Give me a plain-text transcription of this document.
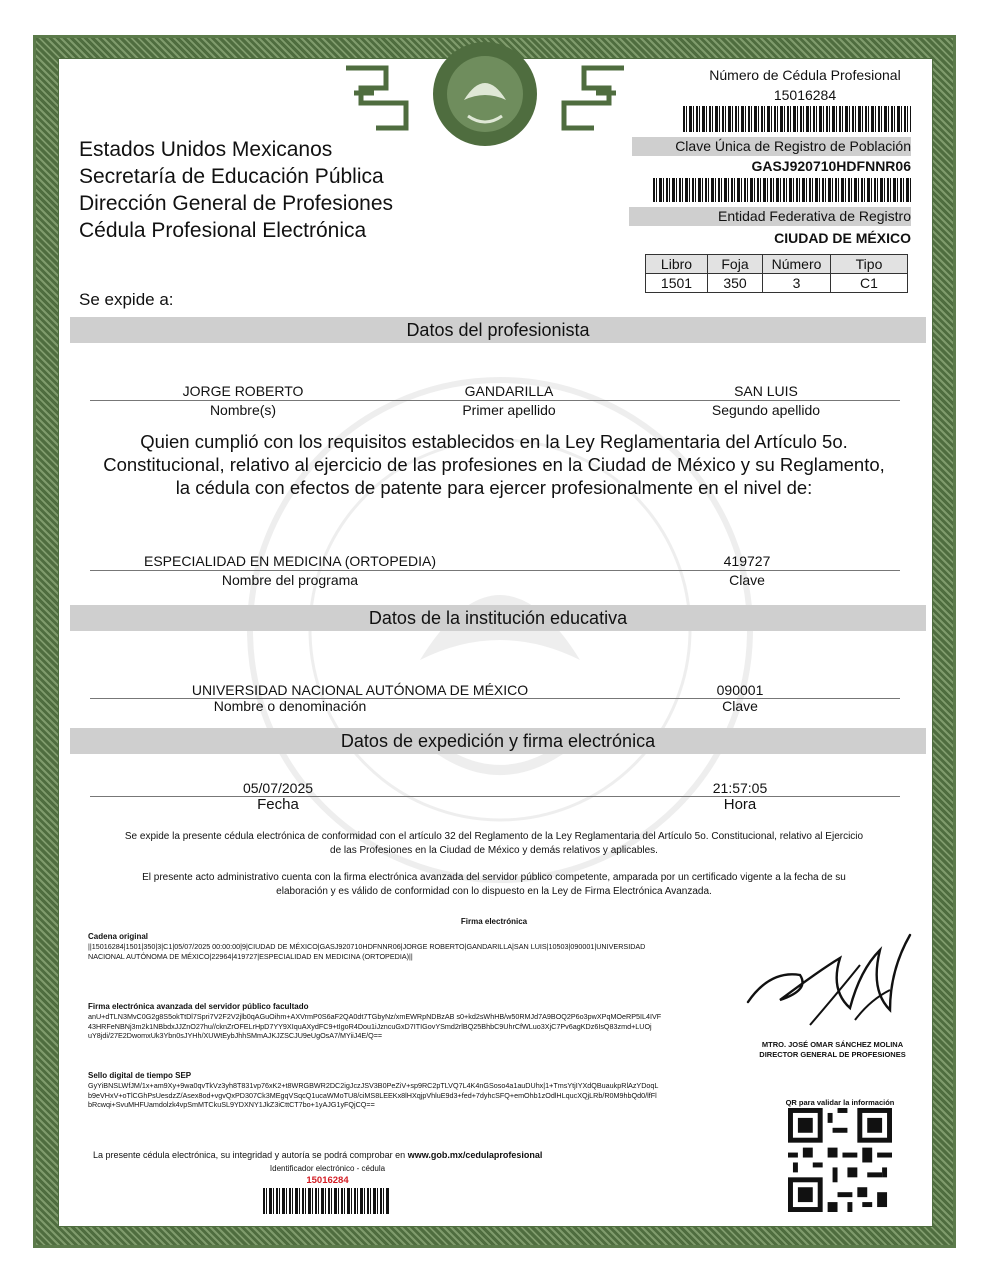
Estados Unidos Mexicanos
Secretaría de Educación Pública
Dirección General de Profesiones
Cédula Profesional Electrónica
Número de Cédula Profesional
15016284
Clave Única de Registro de Población
GASJ920710HDFNNR06
Entidad Federativa de Registro
CIUDAD DE MÉXICO
Libro	Foja	Número	Tipo
1501	350	3	C1
Se expide a:
Datos del profesionista
JORGE ROBERTO	GANDARILLA	SAN LUIS
Nombre(s)	Primer apellido	Segundo apellido
Quien cumplió con los requisitos establecidos en la Ley Reglamentaria del Artículo 5o.
Constitucional, relativo al ejercicio de las profesiones en la Ciudad de México y su Reglamento,
la cédula con efectos de patente para ejercer profesionalmente en el nivel de:
ESPECIALIDAD EN MEDICINA (ORTOPEDIA)	419727
Nombre del programa	Clave
Datos de la institución educativa
UNIVERSIDAD NACIONAL AUTÓNOMA DE MÉXICO	090001
Nombre o denominación	Clave
Datos de expedición y firma electrónica
05/07/2025	21:57:05
Fecha	Hora
Se expide la presente cédula electrónica de conformidad con el artículo 32 del Reglamento de la Ley Reglamentaria del Artículo 5o. Constitucional, relativo al Ejercicio
de las Profesiones en la Ciudad de México y demás relativos y aplicables.
El presente acto administrativo cuenta con la firma electrónica avanzada del servidor público competente, amparada por un certificado vigente a la fecha de su
elaboración y es válido de conformidad con lo dispuesto en la Ley de Firma Electrónica Avanzada.
Firma electrónica
Cadena original
||15016284|1501|350|3|C1|05/07/2025 00:00:00|9|CIUDAD DE MÉXICO|GASJ920710HDFNNR06|JORGE ROBERTO|GANDARILLA|SAN LUIS|10503|090001|UNIVERSIDAD
NACIONAL AUTÓNOMA DE MÉXICO|22964|419727|ESPECIALIDAD EN MEDICINA (ORTOPEDIA)||
Firma electrónica avanzada del servidor público facultado
anU+dTLN3MvC0G2g8S5okTtDl7Spri7V2F2V2jlb0qAGuOihm+AXVrmP0S6aF2QA0dt7TGbyNz/xmEWRpNDBzAB s0+kd2sWhHB/w50RMJd7A9BOQ2P6o3pwXPqMOeRP5IL4IVF
43HRFeNBNj3m2k1NBbdxJJZnO27hu//cknZrOFELrHpD7YY9XIquAXydFC9+tIgoR4Dou1iJzncuGxD7ITIGovYSmd2rlBQ25BhbC9UhrCfWLuo3XjC7Pv6agKDz6IsQ83zmd+LUOj
uY8jdi/27E2DwomxUk3Ybn0sJYHh/XUWtEybJhhSMmAJKJZSCJU9eUgOsA7/MYiiJ4E/Q==
Sello digital de tiempo SEP
GyYiBNSLWfJM/1x+am9Xy+9wa0qvTkVz3yh8T831vp76xK2+t8WRGBWR2DC2igJczJSV3B0PeZiV+sp9RC2pTLVQ7L4K4nGSoso4a1auDUhx|1+TmsYtjIYXdQBuaukpRlAzYDoqL
b9eVHxV+oTlCGhPsUesdzZ/Asex8od+vgvQxPD307Ck3MEgqVSqcQ1ucaWMoTU8/ciMS8LEEKx8lHXqjpVhluE9d3+fed+7dyhcSFQ+emOhb1zOdlHLqucXQjLRb/R0M9hbQd0/lfFl
bRcwqi+SvuMHFUamdolzk4vpSmMTCkuSL9YDXNY1JkZ3iCttCT7bo+1yAJG1yFQjCQ==
MTRO. JOSÉ OMAR SÁNCHEZ MOLINA
DIRECTOR GENERAL DE PROFESIONES
QR para validar la información
La presente cédula electrónica, su integridad y autoría se podrá comprobar en www.gob.mx/cedulaprofesional
Identificador electrónico - cédula
15016284
